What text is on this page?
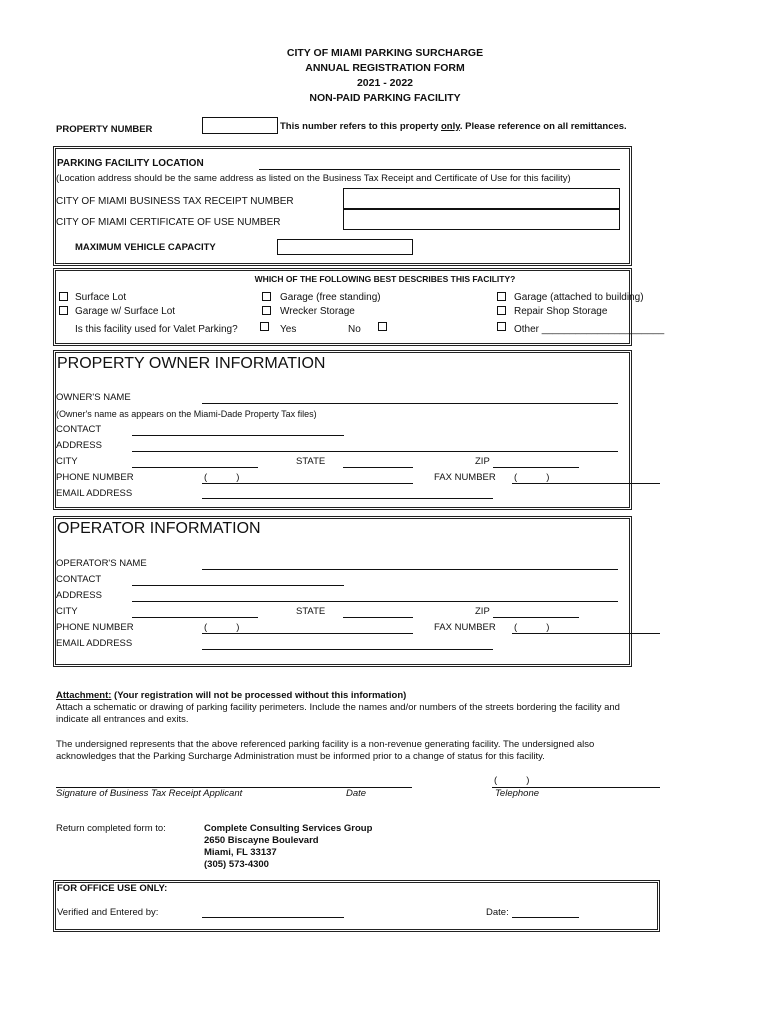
CITY OF MIAMI PARKING SURCHARGE
ANNUAL REGISTRATION FORM
2021 - 2022
NON-PAID PARKING FACILITY
PROPERTY NUMBER	This number refers to this property only. Please reference on all remittances.
PARKING FACILITY LOCATION
(Location address should be the same address as listed on the Business Tax Receipt and Certificate of Use for this facility)
CITY OF MIAMI BUSINESS TAX RECEIPT NUMBER
CITY OF MIAMI CERTIFICATE OF USE NUMBER
MAXIMUM VEHICLE CAPACITY
WHICH OF THE FOLLOWING BEST DESCRIBES THIS FACILITY?
Surface Lot
Garage w/ Surface Lot
Garage (free standing)
Wrecker Storage
Garage (attached to building)
Repair Shop Storage
Is this facility used for Valet Parking?	Yes	No	Other ______________________
PROPERTY OWNER INFORMATION
OWNER'S NAME
(Owner's name as appears on the Miami-Dade Property Tax files)
CONTACT
ADDRESS
CITY	STATE	ZIP
PHONE NUMBER	(           )	FAX NUMBER (           )
EMAIL ADDRESS
OPERATOR INFORMATION
OPERATOR'S NAME
CONTACT
ADDRESS
CITY	STATE	ZIP
PHONE NUMBER	(           )	FAX NUMBER (           )
EMAIL ADDRESS
Attachment: (Your registration will not be processed without this information)
Attach a schematic or drawing of parking facility perimeters. Include the names and/or numbers of the streets bordering the facility and
indicate all entrances and exits.
The undersigned represents that the above referenced parking facility is a non-revenue generating facility. The undersigned also
acknowledges that the Parking Surcharge Administration must be informed prior to a change of status for this facility.
Signature of Business Tax Receipt Applicant	Date
(           )
Telephone
Return completed form to:	Complete Consulting Services Group
2650 Biscayne Boulevard
Miami, FL 33137
(305) 573-4300
FOR OFFICE USE ONLY:
Verified and Entered by:	Date:
